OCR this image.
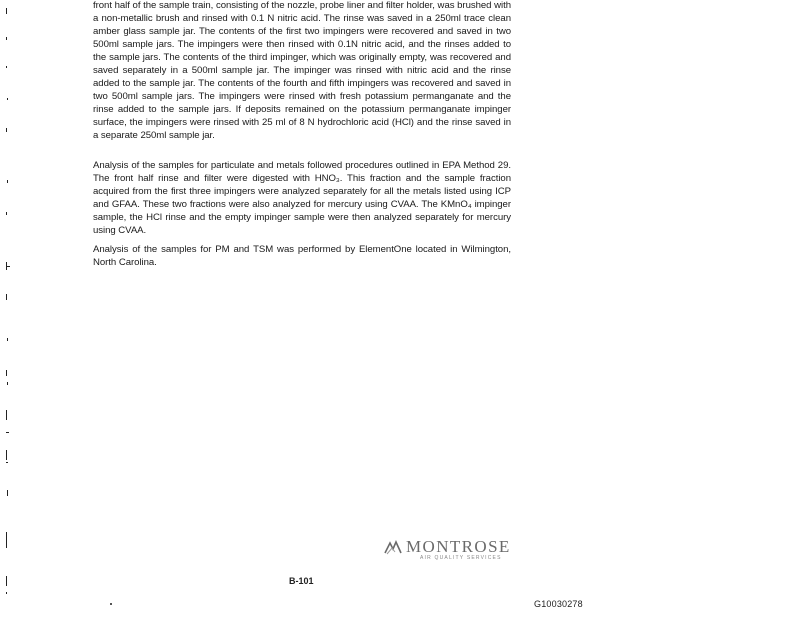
front half of the sample train, consisting of the nozzle, probe liner and filter holder, was brushed with a non-metallic brush and rinsed with 0.1 N nitric acid. The rinse was saved in a 250ml trace clean amber glass sample jar. The contents of the first two impingers were recovered and saved in two 500ml sample jars. The impingers were then rinsed with 0.1N nitric acid, and the rinses added to the sample jars. The contents of the third impinger, which was originally empty, was recovered and saved separately in a 500ml sample jar. The impinger was rinsed with nitric acid and the rinse added to the sample jar. The contents of the fourth and fifth impingers was recovered and saved in two 500ml sample jars. The impingers were rinsed with fresh potassium permanganate and the rinse added to the sample jars. If deposits remained on the potassium permanganate impinger surface, the impingers were rinsed with 25 ml of 8 N hydrochloric acid (HCl) and the rinse saved in a separate 250ml sample jar.

Analysis of the samples for particulate and metals followed procedures outlined in EPA Method 29. The front half rinse and filter were digested with HNO₃. This fraction and the sample fraction acquired from the first three impingers were analyzed separately for all the metals listed using ICP and GFAA. These two fractions were also analyzed for mercury using CVAA. The KMnO₄ impinger sample, the HCl rinse and the empty impinger sample were then analyzed separately for mercury using CVAA.

Analysis of the samples for PM and TSM was performed by ElementOne located in Wilmington, North Carolina.

MONTROSE
AIR QUALITY SERVICES
B-101
G10030278
